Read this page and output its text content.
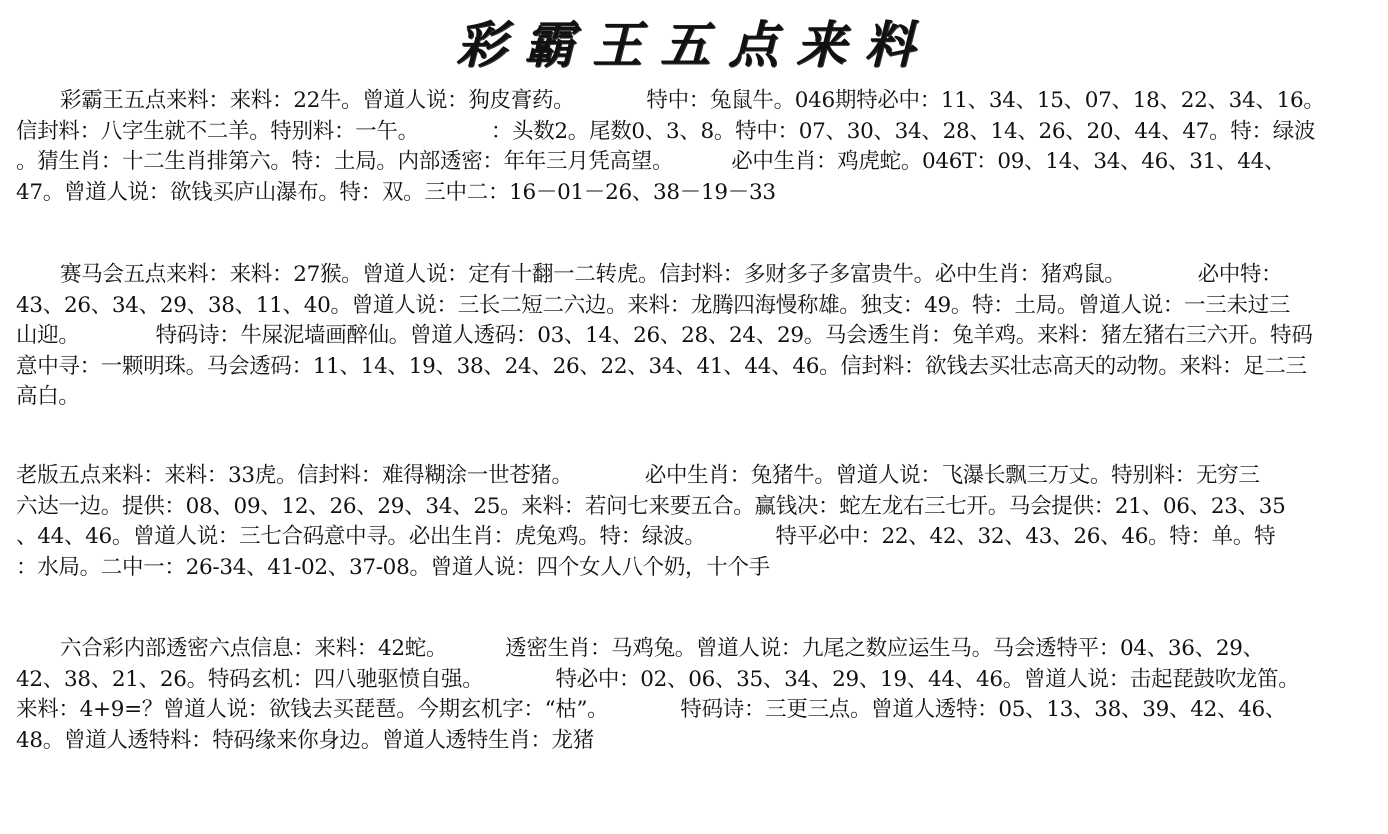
彩霸王五点来料
彩霸王五点来料：来料：22牛。曾道人说：狗皮膏药。	特中：兔鼠牛。046期特必中：11、34、15、07、18、22、34、16。
信封料：八字生就不二羊。特别料：一午。	：头数2。尾数0、3、8。特中：07、30、34、28、14、26、20、44、47。特：绿波
。猜生肖：十二生肖排第六。特：土局。内部透密：年年三月凭高望。	必中生肖：鸡虎蛇。046T：09、14、34、46、31、44、
47。曾道人说：欲钱买庐山瀑布。特：双。三中二：16－01－26、38－19－33
赛马会五点来料：来料：27猴。曾道人说：定有十翻一二转虎。信封料：多财多子多富贵牛。必中生肖：猪鸡鼠。	必中特：
43、26、34、29、38、11、40。曾道人说：三长二短二六边。来料：龙腾四海慢称雄。独支：49。特：土局。曾道人说：一三未过三
山迎。	特码诗：牛屎泥墙画醉仙。曾道人透码：03、14、26、28、24、29。马会透生肖：兔羊鸡。来料：猪左猪右三六开。特码
意中寻：一颗明珠。马会透码：11、14、19、38、24、26、22、34、41、44、46。信封料：欲钱去买壮志高天的动物。来料：足二三
高白。
老版五点来料：来料：33虎。信封料：难得糊涂一世苍猪。	必中生肖：兔猪牛。曾道人说：飞瀑长飘三万丈。特别料：无穷三
六达一边。提供：08、09、12、26、29、34、25。来料：若问七来要五合。赢钱决：蛇左龙右三七开。马会提供：21、06、23、35
、44、46。曾道人说：三七合码意中寻。必出生肖：虎兔鸡。特：绿波。	特平必中：22、42、32、43、26、46。特：单。特
：水局。二中一：26-34、41-02、37-08。曾道人说：四个女人八个奶，十个手
六合彩内部透密六点信息：来料：42蛇。	透密生肖：马鸡兔。曾道人说：九尾之数应运生马。马会透特平：04、36、29、
42、38、21、26。特码玄机：四八驰驱愤自强。	特必中：02、06、35、34、29、19、44、46。曾道人说：击起琵鼓吹龙笛。
来料：4+9=？曾道人说：欲钱去买琵琶。今期玄机字：“枯”。	特码诗：三更三点。曾道人透特：05、13、38、39、42、46、
48。曾道人透特料：特码缘来你身边。曾道人透特生肖：龙猪
